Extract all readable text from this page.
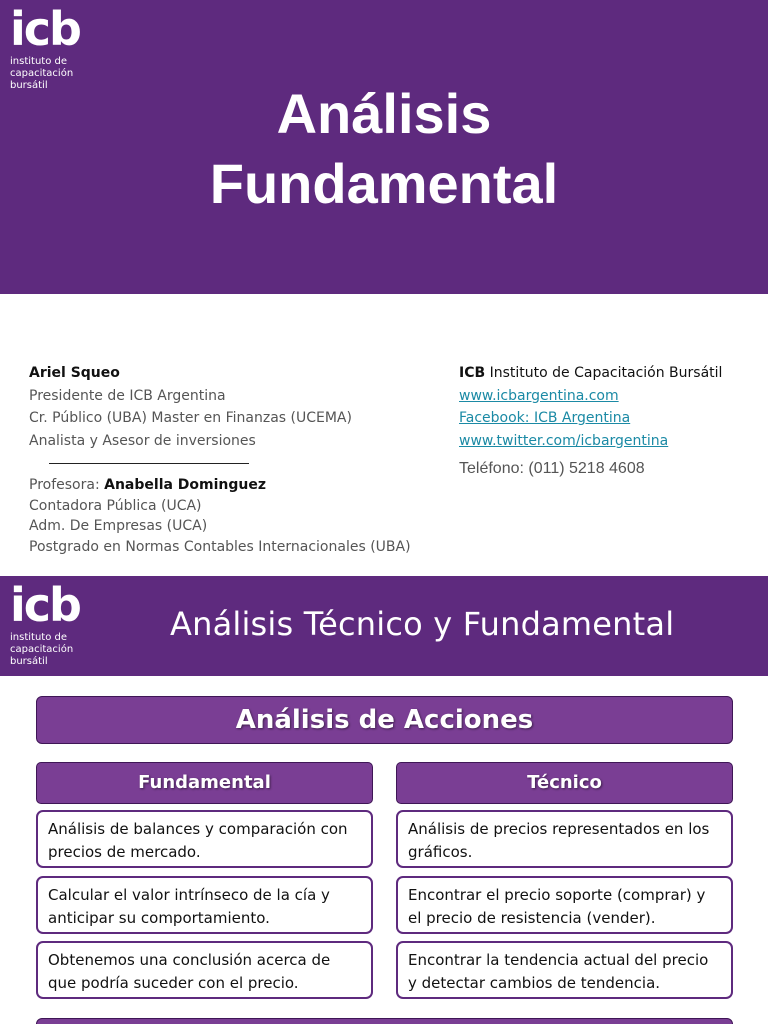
icb
instituto de
capacitación
bursátil	Análisis
Fundamental
Ariel Squeo
Presidente de ICB Argentina
Cr. Público (UBA) Master en Finanzas (UCEMA)
Analista y Asesor de inversiones
Profesora: Anabella Dominguez
Contadora Pública (UCA)
Adm. De Empresas (UCA)
Postgrado en Normas Contables Internacionales (UBA)
ICB Instituto de Capacitación Bursátil
www.icbargentina.com
Facebook: ICB Argentina
www.twitter.com/icbargentina
Teléfono: (011) 5218 4608
icb
instituto de
capacitación
bursátil
Análisis Técnico y Fundamental
Análisis de Acciones
Fundamental	Técnico
Análisis de balances y comparación con precios de mercado.
Calcular el valor intrínseco de la cía y anticipar su comportamiento.
Obtenemos una conclusión acerca de que podría suceder con el precio.
Análisis de precios representados en los gráficos.
Encontrar el precio soporte (comprar) y el precio de resistencia (vender).
Encontrar la tendencia actual del precio y detectar cambios de tendencia.
